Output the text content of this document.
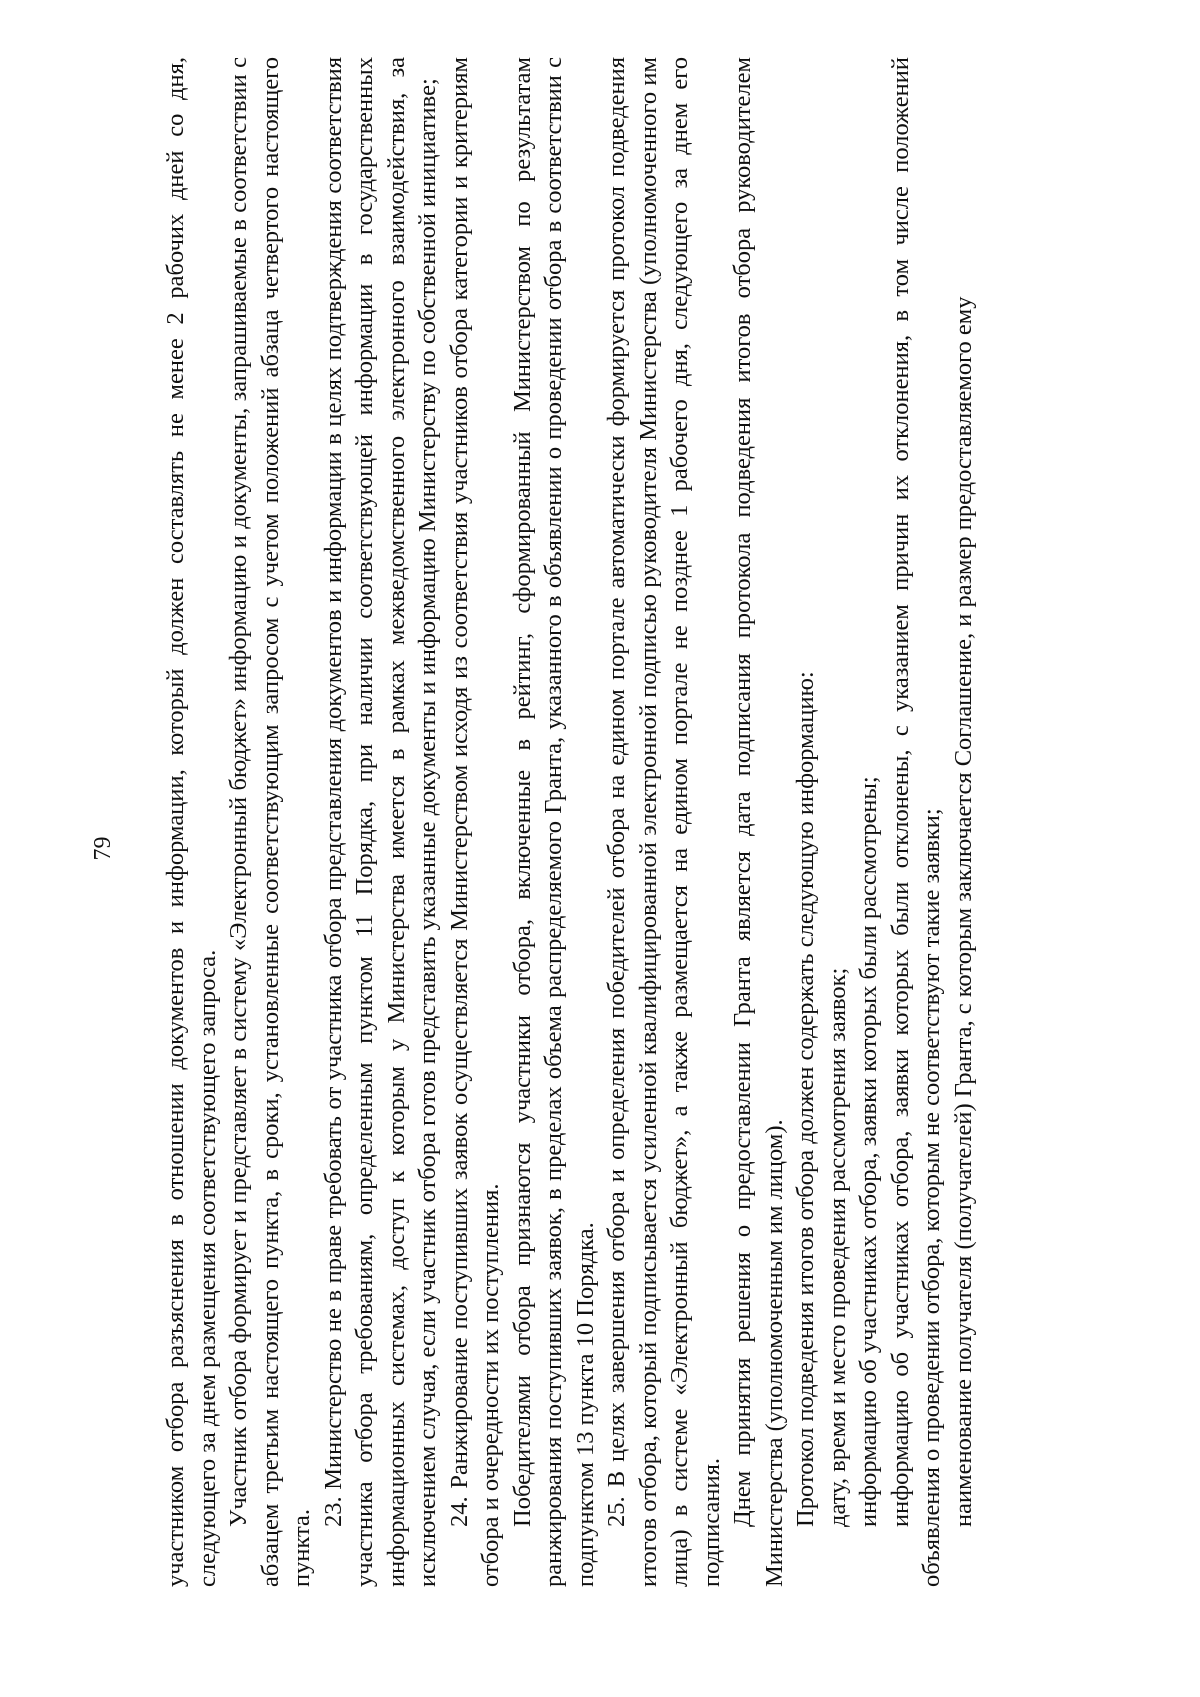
79 участником отбора разъяснения в отношении документов и информации, который должен составлять не менее 2 рабочих дней со дня, следующего за днем размещения соответствующего запроса. Участник отбора формирует и представляет в систему «Электронный бюджет» информацию и документы, запрашиваемые в соответствии с абзацем третьим настоящего пункта, в сроки, установленные соответствующим запросом с учетом положений абзаца четвертого настоящего пункта.

23. Министерство не в праве требовать от участника отбора представления документов и информации в целях подтверждения соответствия участника отбора требованиям, определенным пунктом 11 Порядка, при наличии соответствующей информации в государственных информационных системах, доступ к которым у Министерства имеется в рамках межведомственного электронного взаимодействия, за исключением случая, если участник отбора готов представить указанные документы и информацию Министерству по собственной инициативе; 24. Ранжирование поступивших заявок осуществляется Министерством исходя из соответствия участников отбора категории и критериям отбора и очередности их поступления. Победителями отбора признаются участники отбора, включенные в рейтинг, сформированный Министерством по результатам ранжирования поступивших заявок, в пределах объема распределяемого Гранта, указанного в объявлении о проведении отбора в соответствии с подпунктом 13 пункта 10 Порядка. 25. В целях завершения отбора и определения победителей отбора на едином портале автоматически формируется протокол подведения итогов отбора, который подписывается усиленной квалифицированной электронной подписью руководителя Министерства (уполномоченного им лица) в системе «Электронный бюджет», а также размещается на едином портале не позднее 1 рабочего дня, следующего за днем его подписания. Днем принятия решения о предоставлении Гранта является дата подписания протокола подведения итогов отбора руководителем Министерства (уполномоченным им лицом). Протокол подведения итогов отбора должен содержать следующую информацию: дату, время и место проведения рассмотрения заявок; информацию об участниках отбора, заявки которых были рассмотрены; информацию об участниках отбора, заявки которых были отклонены, с указанием причин их отклонения, в том числе положений объявления о проведении отбора, которым не соответствуют такие заявки; наименование получателя (получателей) Гранта, с которым заключается Соглашение, и размер предоставляемого ему
